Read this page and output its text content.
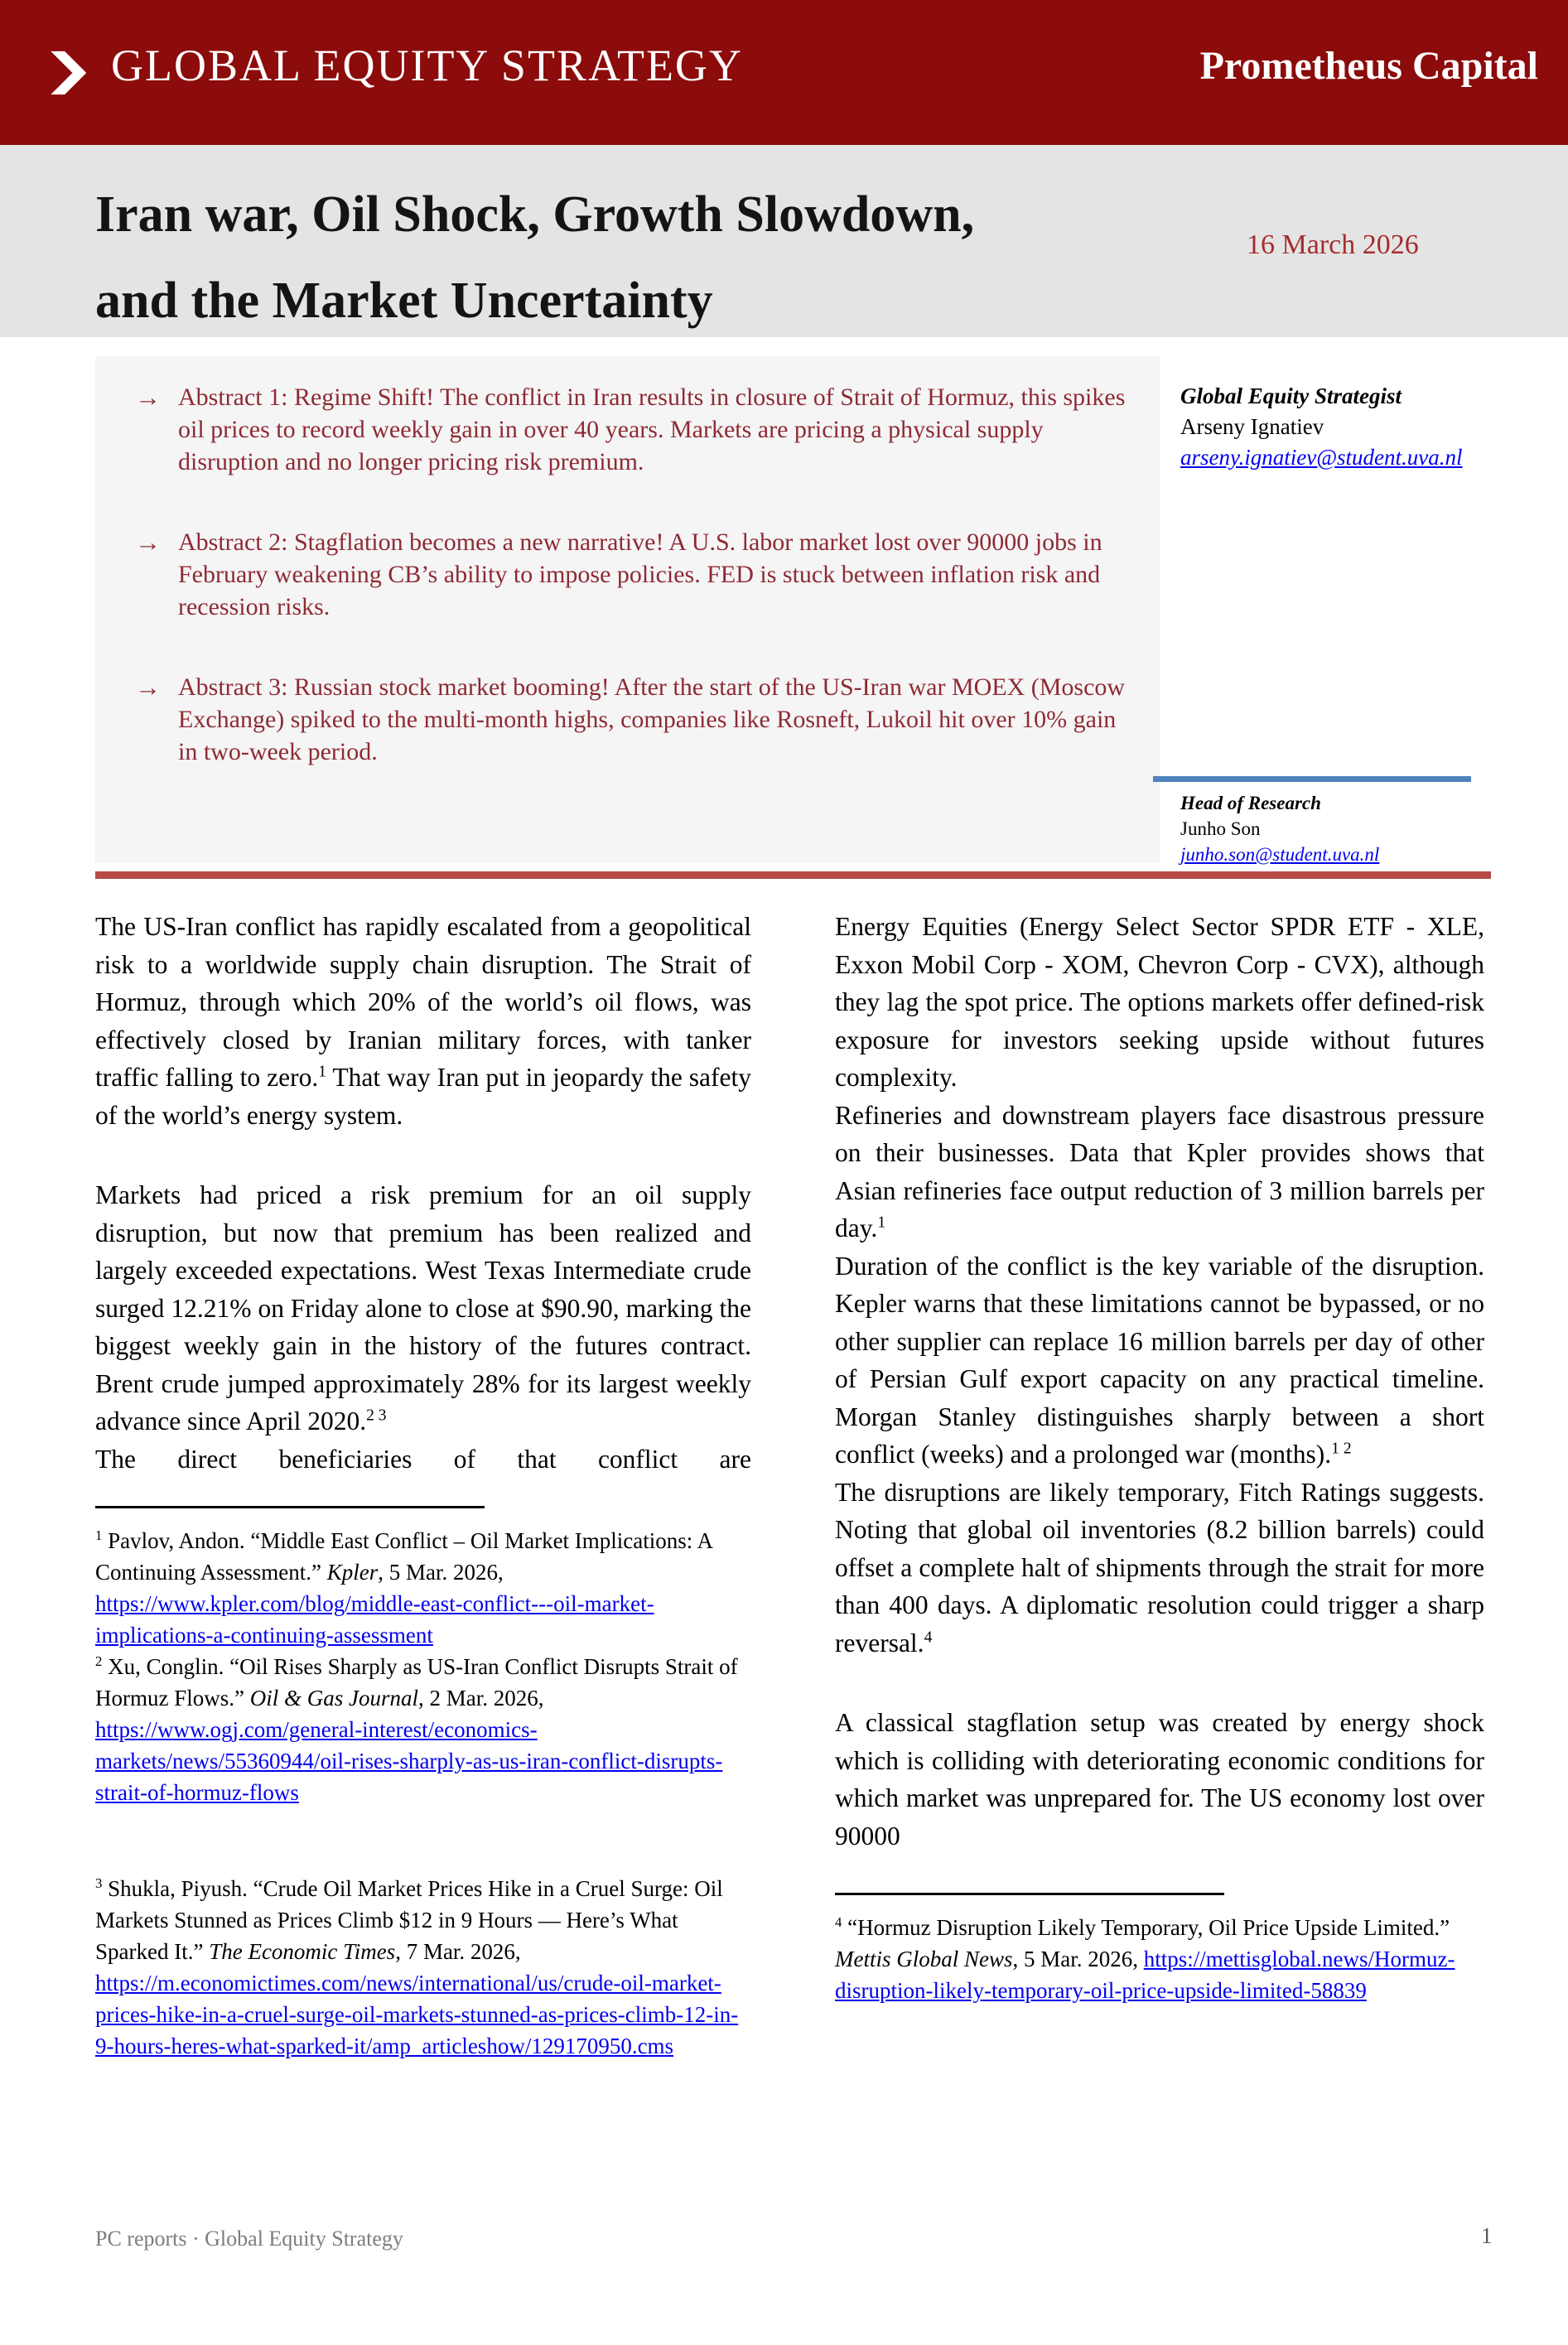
GLOBAL EQUITY STRATEGY	Prometheus Capital
Iran war, Oil Shock, Growth Slowdown,
and the Market Uncertainty
16 March 2026
→ Abstract 1: Regime Shift! The conflict in Iran results in closure of Strait of Hormuz, this spikes oil prices to record weekly gain in over 40 years. Markets are pricing a physical supply disruption and no longer pricing risk premium.

→ Abstract 2: Stagflation becomes a new narrative! A U.S. labor market lost over 90000 jobs in February weakening CB’s ability to impose policies. FED is stuck between inflation risk and recession risks.

→ Abstract 3: Russian stock market booming! After the start of the US-Iran war MOEX (Moscow Exchange) spiked to the multi-month highs, companies like Rosneft, Lukoil hit over 10% gain in two-week period.

Global Equity Strategist
Arseny Ignatiev
arseny.ignatiev@student.uva.nl
Head of Research
Junho Son
junho.son@student.uva.nl

The US-Iran conflict has rapidly escalated from a geopolitical risk to a worldwide supply chain disruption. The Strait of Hormuz, through which 20% of the world’s oil flows, was effectively closed by Iranian military forces, with tanker traffic falling to zero.$^1$ That way Iran put in jeopardy the safety of the world’s energy system.

Markets had priced a risk premium for an oil supply disruption, but now that premium has been realized and largely exceeded expectations. West Texas Intermediate crude surged 12.21% on Friday alone to close at $90.90, marking the biggest weekly gain in the history of the futures contract. Brent crude jumped approximately 28% for its largest weekly advance since April 2020.$^{2 3}$

The direct beneficiaries of that conflict are

$^1$ Pavlov, Andon. “Middle East Conflict – Oil Market Implications: A Continuing Assessment.” Kpler, 5 Mar. 2026, https://www.kpler.com/blog/middle-east-conflict---oil-market-implications-a-continuing-assessment

$^2$ Xu, Conglin. “Oil Rises Sharply as US-Iran Conflict Disrupts Strait of Hormuz Flows.” Oil & Gas Journal, 2 Mar. 2026, https://www.ogj.com/general-interest/economics-markets/news/55360944/oil-rises-sharply-as-us-iran-conflict-disrupts-strait-of-hormuz-flows

$^3$ Shukla, Piyush. “Crude Oil Market Prices Hike in a Cruel Surge: Oil Markets Stunned as Prices Climb $12 in 9 Hours — Here’s What Sparked It.” The Economic Times, 7 Mar. 2026, https://m.economictimes.com/news/international/us/crude-oil-market-prices-hike-in-a-cruel-surge-oil-markets-stunned-as-prices-climb-12-in-9-hours-heres-what-sparked-it/amp_articleshow/129170950.cms

Energy Equities (Energy Select Sector SPDR ETF - XLE, Exxon Mobil Corp - XOM, Chevron Corp - CVX), although they lag the spot price. The options markets offer defined-risk exposure for investors seeking upside without futures complexity.

Refineries and downstream players face disastrous pressure on their businesses. Data that Kpler provides shows that Asian refineries face output reduction of 3 million barrels per day.$^1$

Duration of the conflict is the key variable of the disruption. Kepler warns that these limitations cannot be bypassed, or no other supplier can replace 16 million barrels per day of other of Persian Gulf export capacity on any practical timeline. Morgan Stanley distinguishes sharply between a short conflict (weeks) and a prolonged war (months).$^{1 2}$

The disruptions are likely temporary, Fitch Ratings suggests. Noting that global oil inventories (8.2 billion barrels) could offset a complete halt of shipments through the strait for more than 400 days. A diplomatic resolution could trigger a sharp reversal.$^4$

A classical stagflation setup was created by energy shock which is colliding with deteriorating economic conditions for which market was unprepared for. The US economy lost over 90000

$^4$ “Hormuz Disruption Likely Temporary, Oil Price Upside Limited.” Mettis Global News, 5 Mar. 2026, https://mettisglobal.news/Hormuz-disruption-likely-temporary-oil-price-upside-limited-58839

PC reports · Global Equity Strategy	1
